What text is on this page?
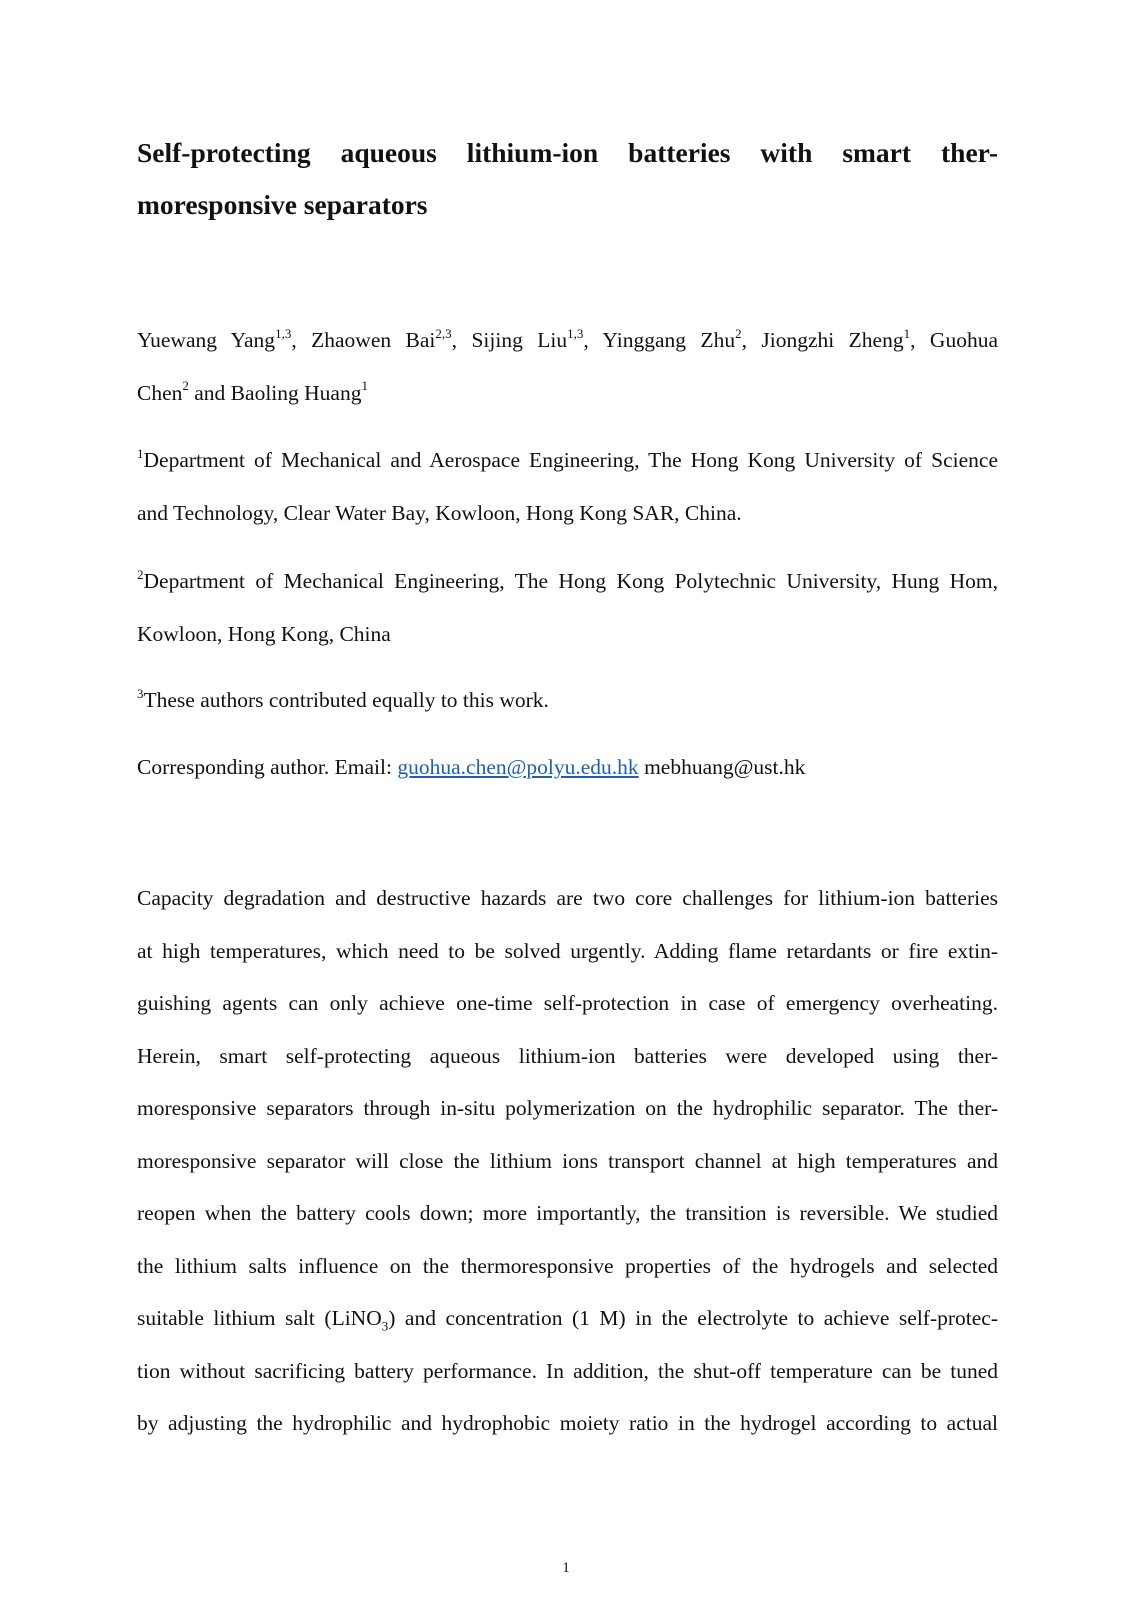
Self-protecting aqueous lithium-ion batteries with smart ther-
moresponsive separators
Yuewang Yang$^{1,3}$, Zhaowen Bai$^{2,3}$, Sijing Liu$^{1,3}$, Yinggang Zhu$^2$, Jiongzhi Zheng$^1$, Guohua
Chen$^2$ and Baoling Huang$^1$
$^1$Department of Mechanical and Aerospace Engineering, The Hong Kong University of Science
and Technology, Clear Water Bay, Kowloon, Hong Kong SAR, China.
$^2$Department of Mechanical Engineering, The Hong Kong Polytechnic University, Hung Hom,
Kowloon, Hong Kong, China
$^3$These authors contributed equally to this work.
Corresponding author. Email: guohua.chen@polyu.edu.hk mebhuang@ust.hk
Capacity degradation and destructive hazards are two core challenges for lithium-ion batteries
at high temperatures, which need to be solved urgently. Adding flame retardants or fire extin-
guishing agents can only achieve one-time self-protection in case of emergency overheating.
Herein, smart self-protecting aqueous lithium-ion batteries were developed using ther-
moresponsive separators through in-situ polymerization on the hydrophilic separator. The ther-
moresponsive separator will close the lithium ions transport channel at high temperatures and
reopen when the battery cools down; more importantly, the transition is reversible. We studied
the lithium salts influence on the thermoresponsive properties of the hydrogels and selected
suitable lithium salt (LiNO$_3$) and concentration (1 M) in the electrolyte to achieve self-protec-
tion without sacrificing battery performance. In addition, the shut-off temperature can be tuned
by adjusting the hydrophilic and hydrophobic moiety ratio in the hydrogel according to actual
1
